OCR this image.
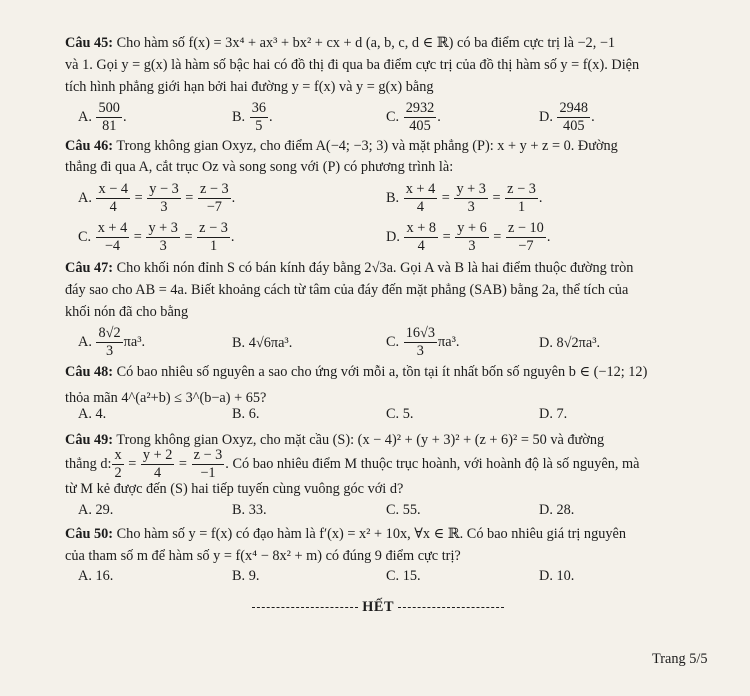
Câu 45: Cho hàm số f(x) = 3x⁴ + ax³ + bx² + cx + d (a, b, c, d ∈ ℝ) có ba điểm cực trị là −2, −1
và 1. Gọi y = g(x) là hàm số bậc hai có đồ thị đi qua ba điểm cực trị của đồ thị hàm số y = f(x). Diện
tích hình phẳng giới hạn bởi hai đường y = f(x) và y = g(x) bằng
A. $\frac{500}{81}$ .	B. $\frac{36}{5}$ .	C. $\frac{2932}{405}$ .	D. $\frac{2948}{405}$ .
Câu 46: Trong không gian Oxyz, cho điểm A(−4; −3; 3) và mặt phẳng (P): x + y + z = 0. Đường
thẳng đi qua A, cắt trục Oz và song song với (P) có phương trình là:
A. $\frac{x - 4}{4} = \frac{y - 3}{3} = \frac{z - 3}{-7}$ .	B. $\frac{x + 4}{4} = \frac{y + 3}{3} = \frac{z - 3}{1}$ .
C. $\frac{x + 4}{-4} = \frac{y + 3}{3} = \frac{z - 3}{1}$ .	D. $\frac{x + 8}{4} = \frac{y + 6}{3} = \frac{z - 10}{-7}$ .
Câu 47: Cho khối nón đỉnh S có bán kính đáy bằng 2√3a. Gọi A và B là hai điểm thuộc đường tròn
đáy sao cho AB = 4a. Biết khoảng cách từ tâm của đáy đến mặt phẳng (SAB) bằng 2a, thể tích của
khối nón đã cho bằng
A. $\frac{8√2}{3} \pi a^3$.	B. 4√6πa³.	C. $\frac{16√3}{3} \pi a^3$.	D. 8√2πa³.
Câu 48: Có bao nhiêu số nguyên a sao cho ứng với mỗi a, tồn tại ít nhất bốn số nguyên b ∈ (−12; 12)
thỏa mãn 4^(a²+b) ≤ 3^(b−a) + 65?
A. 4.	B. 6.	C. 5.	D. 7.
Câu 49: Trong không gian Oxyz, cho mặt cầu (S): (x − 4)² + (y + 3)² + (z + 6)² = 50 và đường
thẳng d: $\frac{x}{2} = \frac{y + 2}{4} = \frac{z - 3}{-1}$ . Có bao nhiêu điểm M thuộc trục hoành, với hoành độ là số nguyên, mà
từ M kẻ được đến (S) hai tiếp tuyến cùng vuông góc với d?
A. 29.	B. 33.	C. 55.	D. 28.
Câu 50: Cho hàm số y = f(x) có đạo hàm là f′(x) = x² + 10x, ∀x ∈ ℝ. Có bao nhiêu giá trị nguyên
của tham số m để hàm số y = f(x⁴ − 8x² + m) có đúng 9 điểm cực trị?
A. 16.	B. 9.	C. 15.	D. 10.
HẾT
Trang 5/5
